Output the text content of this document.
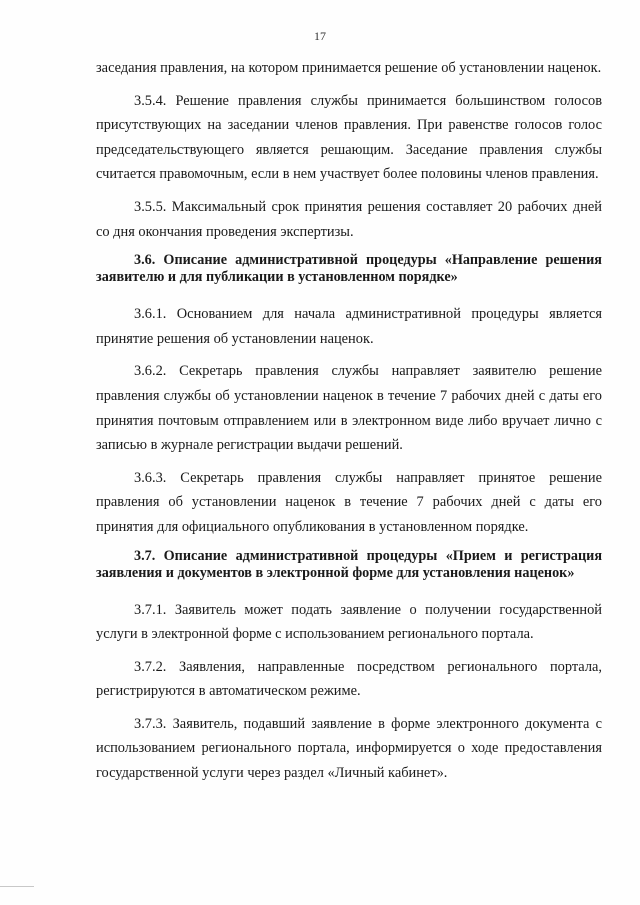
17

заседания правления, на котором принимается решение об установлении наценок.

3.5.4. Решение правления службы принимается большинством голосов присутствующих на заседании членов правления. При равенстве голосов голос председательствующего является решающим. Заседание правления службы считается правомочным, если в нем участвует более половины членов правления.

3.5.5. Максимальный срок принятия решения составляет 20 рабочих дней со дня окончания проведения экспертизы.

3.6. Описание административной процедуры «Направление решения заявителю и для публикации в установленном порядке»

3.6.1. Основанием для начала административной процедуры является принятие решения об установлении наценок.

3.6.2. Секретарь правления службы направляет заявителю решение правления службы об установлении наценок в течение 7 рабочих дней с даты его принятия почтовым отправлением или в электронном виде либо вручает лично с записью в журнале регистрации выдачи решений.

3.6.3. Секретарь правления службы направляет принятое решение правления об установлении наценок в течение 7 рабочих дней с даты его принятия для официального опубликования в установленном порядке.

3.7. Описание административной процедуры «Прием и регистрация заявления и документов в электронной форме для установления наценок»

3.7.1. Заявитель может подать заявление о получении государственной услуги в электронной форме с использованием регионального портала.

3.7.2. Заявления, направленные посредством регионального портала, регистрируются в автоматическом режиме.

3.7.3. Заявитель, подавший заявление в форме электронного документа с использованием регионального портала, информируется о ходе предоставления государственной услуги через раздел «Личный кабинет».
